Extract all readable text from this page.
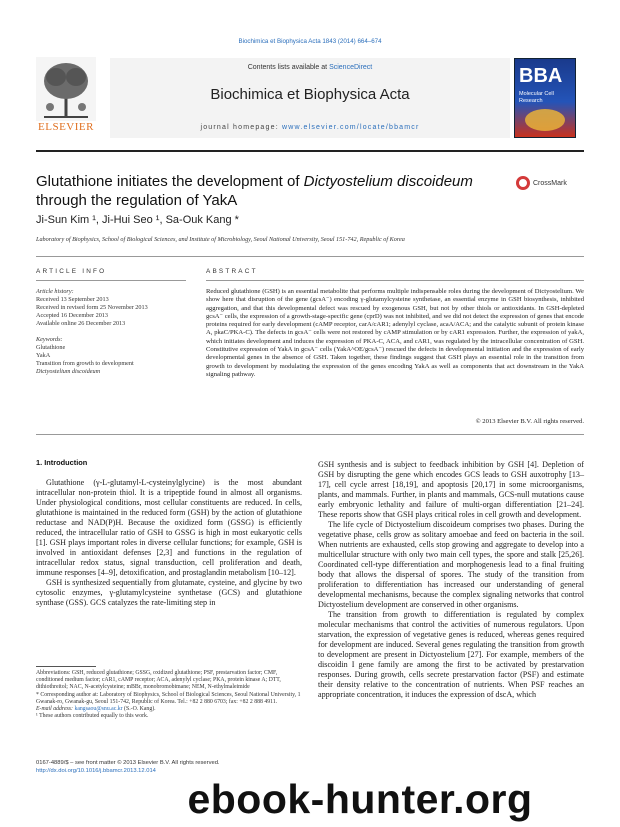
Biochimica et Biophysica Acta 1843 (2014) 664–674
ELSEVIER
Contents lists available at ScienceDirect
Biochimica et Biophysica Acta
journal homepage: www.elsevier.com/locate/bbamcr
BBA
Molecular Cell Research
Glutathione initiates the development of Dictyostelium discoideum
through the regulation of YakA
CrossMark
Ji-Sun Kim ¹, Ji-Hui Seo ¹, Sa-Ouk Kang *
Laboratory of Biophysics, School of Biological Sciences, and Institute of Microbiology, Seoul National University, Seoul 151-742, Republic of Korea
ARTICLE INFO
Article history:
Received 13 September 2013
Received in revised form 25 November 2013
Accepted 16 December 2013
Available online 26 December 2013
Keywords:
Glutathione
YakA
Transition from growth to development
Dictyostelium discoideum
ABSTRACT
Reduced glutathione (GSH) is an essential metabolite that performs multiple indispensable roles during the development of Dictyostelium. We show here that disruption of the gene (gcsA⁻) encoding γ-glutamylcysteine synthetase, an essential enzyme in GSH biosynthesis, inhibited aggregation, and that this developmental defect was rescued by exogenous GSH, but not by other thiols or antioxidants. In GSH-depleted gcsA⁻ cells, the expression of a growth-stage-specific gene (cprD) was not inhibited, and we did not detect the expression of genes that encode proteins required for early development (cAMP receptor, carA/cAR1; adenylyl cyclase, acaA/ACA; and the catalytic subunit of protein kinase A, pkaC/PKA-C). The defects in gcsA⁻ cells were not restored by cAMP stimulation or by cAR1 expression. Further, the expression of yakA, which initiates development and induces the expression of PKA-C, ACA, and cAR1, was regulated by the intracellular concentration of GSH. Constitutive expression of YakA in gcsA⁻ cells (YakA^OE/gcsA⁻) rescued the defects in developmental initiation and the expression of early developmental genes in the absence of GSH. Taken together, these findings suggest that GSH plays an essential role in the transition from growth to development by modulating the expression of the genes encoding YakA as well as components that act downstream in the YakA signaling pathway.
© 2013 Elsevier B.V. All rights reserved.
1. Introduction

Glutathione (γ-L-glutamyl-L-cysteinylglycine) is the most abundant intracellular non-protein thiol. It is a tripeptide found in almost all organisms. Under physiological conditions, most cellular constituents are reduced. In cells, glutathione is maintained in the reduced form (GSH) by the action of glutathione reductase and NAD(P)H. Because the oxidized form (GSSG) is efficiently reduced, the intracellular ratio of GSH to GSSG is high in most eukaryotic cells [1]. GSH plays important roles in diverse cellular functions; for example, GSH is involved in antioxidant defenses [2,3] and functions in the regulation of intracellular redox status, signal transduction, cell proliferation and death, immune responses [4–9], detoxification, and prostaglandin metabolism [10–12].

GSH is synthesized sequentially from glutamate, cysteine, and glycine by two cytosolic enzymes, γ-glutamylcysteine synthetase (GCS) and glutathione synthase (GSS). GCS catalyzes the rate-limiting step in

GSH synthesis and is subject to feedback inhibition by GSH [4]. Depletion of GSH by disrupting the gene which encodes GCS leads to GSH auxotrophy [13–17], cell cycle arrest [18,19], and apoptosis [20,17] in some microorganisms, plants, and mammals. Further, in plants and mammals, GCS-null mutations cause early embryonic lethality and failure of multi-organ differentiation [21–24]. These reports show that GSH plays critical roles in cell growth and development.

The life cycle of Dictyostelium discoideum comprises two phases. During the vegetative phase, cells grow as solitary amoebae and feed on bacteria in the soil. When nutrients are exhausted, cells stop growing and aggregate to develop into a multicellular structure with only two main cell types, the spore and stalk [25,26]. Coordinated cell-type differentiation and morphogenesis lead to a final fruiting body that allows the dispersal of spores. The study of the transition from proliferation to differentiation has increased our understanding of general developmental mechanisms, because the complex signaling networks that control Dictyostelium development are conserved in other organisms.

The transition from growth to differentiation is regulated by complex molecular mechanisms that control the activities of numerous regulators. Upon starvation, the expression of vegetative genes is reduced, whereas genes required for development are induced. Several genes regulating the transition from growth to development are present in Dictyostelium [27]. For example, members of the discoidin I gene family are among the first to be activated by prestarvation responses. During growth, cells secrete prestarvation factor (PSF) and estimate their density relative to the concentration of nutrients. When PSF reaches an appropriate concentration, it induces the expression of dscA, which

Abbreviations: GSH, reduced glutathione; GSSG, oxidized glutathione; PSF, prestarvation factor; CMF, conditioned medium factor; cAR1, cAMP receptor; ACA, adenylyl cyclase; PKA, protein kinase A; DTT, dithiothreitol; NAC, N-acetylcysteine; mBBr, monobromobimane; NEM, N-ethylmaleimide
* Corresponding author at: Laboratory of Biophysics, School of Biological Sciences, Seoul National University, 1 Gwanak-ro, Gwanak-gu, Seoul 151-742, Republic of Korea. Tel.: +82 2 880 6703; fax: +82 2 888 4911.
E-mail address: kangsaou@snu.ac.kr (S.-O. Kang).
¹ These authors contributed equally to this work.
0167-4889/$ – see front matter © 2013 Elsevier B.V. All rights reserved.
http://dx.doi.org/10.1016/j.bbamcr.2013.12.014
ebook-hunter.org
